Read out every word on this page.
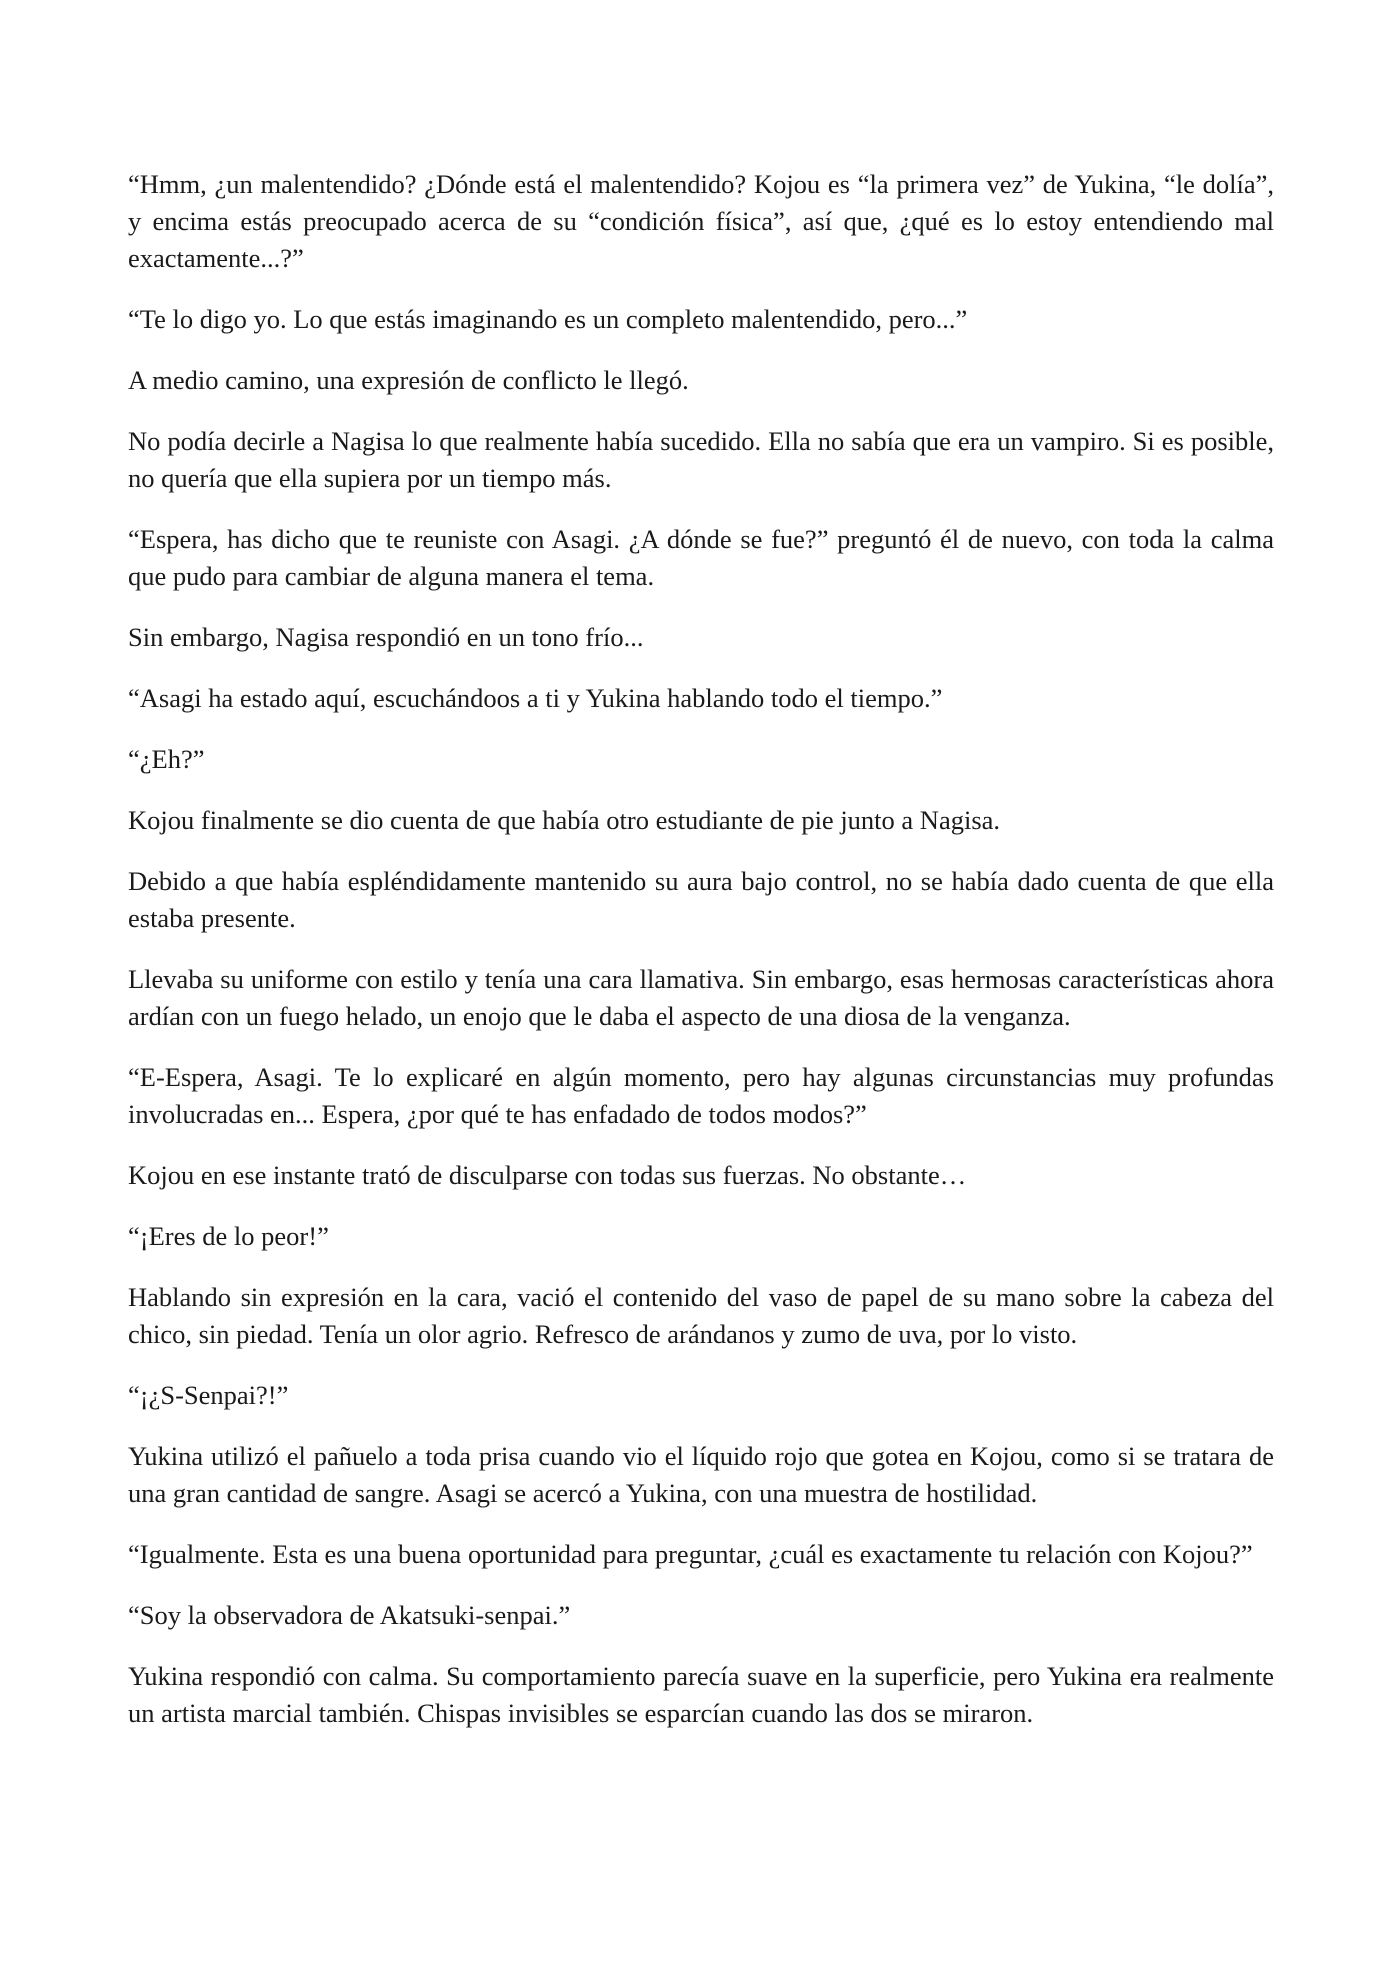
“Hmm, ¿un malentendido? ¿Dónde está el malentendido? Kojou es “la primera vez” de Yukina, “le dolía”, y encima estás preocupado acerca de su “condición física”, así que, ¿qué es lo estoy entendiendo mal exactamente...?”

“Te lo digo yo. Lo que estás imaginando es un completo malentendido, pero...”

A medio camino, una expresión de conflicto le llegó.

No podía decirle a Nagisa lo que realmente había sucedido. Ella no sabía que era un vampiro. Si es posible, no quería que ella supiera por un tiempo más.

“Espera, has dicho que te reuniste con Asagi. ¿A dónde se fue?” preguntó él de nuevo, con toda la calma que pudo para cambiar de alguna manera el tema.

Sin embargo, Nagisa respondió en un tono frío...

“Asagi ha estado aquí, escuchándoos a ti y Yukina hablando todo el tiempo.”

“¿Eh?”

Kojou finalmente se dio cuenta de que había otro estudiante de pie junto a Nagisa.

Debido a que había espléndidamente mantenido su aura bajo control, no se había dado cuenta de que ella estaba presente.

Llevaba su uniforme con estilo y tenía una cara llamativa. Sin embargo, esas hermosas características ahora ardían con un fuego helado, un enojo que le daba el aspecto de una diosa de la venganza.

“E-Espera, Asagi. Te lo explicaré en algún momento, pero hay algunas circunstancias muy profundas involucradas en... Espera, ¿por qué te has enfadado de todos modos?”

Kojou en ese instante trató de disculparse con todas sus fuerzas. No obstante…

“¡Eres de lo peor!”

Hablando sin expresión en la cara, vació el contenido del vaso de papel de su mano sobre la cabeza del chico, sin piedad. Tenía un olor agrio. Refresco de arándanos y zumo de uva, por lo visto.

“¡¿S-Senpai?!”

Yukina utilizó el pañuelo a toda prisa cuando vio el líquido rojo que gotea en Kojou, como si se tratara de una gran cantidad de sangre. Asagi se acercó a Yukina, con una muestra de hostilidad.

“Igualmente. Esta es una buena oportunidad para preguntar, ¿cuál es exactamente tu relación con Kojou?”

“Soy la observadora de Akatsuki-senpai.”

Yukina respondió con calma. Su comportamiento parecía suave en la superficie, pero Yukina era realmente un artista marcial también. Chispas invisibles se esparcían cuando las dos se miraron.
